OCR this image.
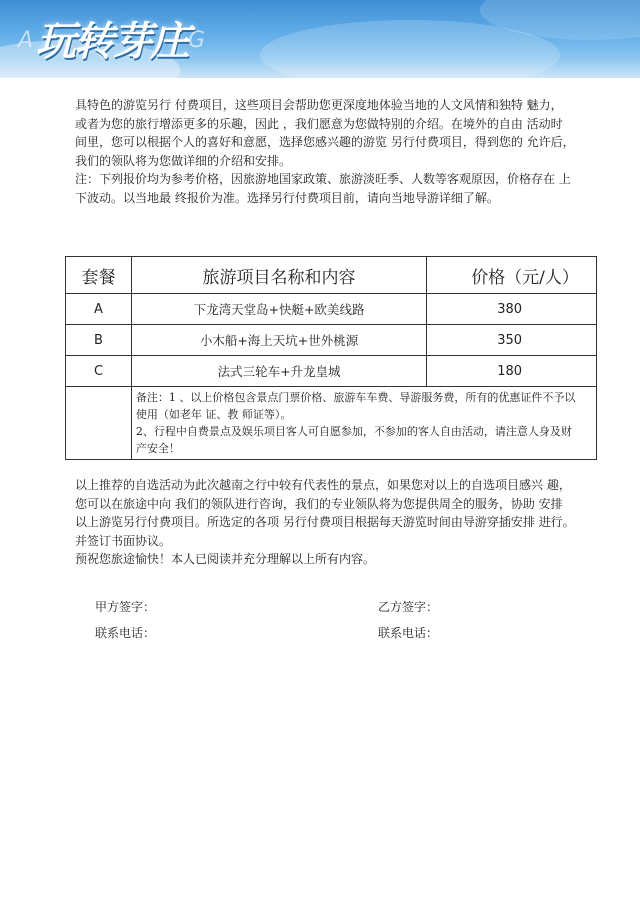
A 玩转芽庄 G

具特色的游览另行 付费项目，这些项目会帮助您更深度地体验当地的人文风情和独特 魅力，

或者为您的旅行增添更多的乐趣，因此 ，我们愿意为您做特别的介绍。在境外的自由 活动时

间里，您可以根据个人的喜好和意愿，选择您感兴趣的游览 另行付费项目，得到您的 允许后，

我们的领队将为您做详细的介绍和安排。

注：下列报价均为参考价格，因旅游地国家政策、旅游淡旺季、人数等客观原因，价格存在 上

下波动。以当地最 终报价为准。选择另行付费项目前，请向当地导游详细了解。

套餐	旅游项目名称和内容	价格（元/人）
A	下龙湾天堂岛+快艇+欧美线路	380
B	小木船+海上天坑+世外桃源	350
C	法式三轮车+升龙皇城	180

	备注：1 、以上价格包含景点门票价格、旅游车车费、导游服务费，所有的优惠证件不予以

使用（如老年 证、教 师证等）。

2、行程中自费景点及娱乐项目客人可自愿参加，不参加的客人自由活动，请注意人身及财

产安全！	

以上推荐的自选活动为此次越南之行中较有代表性的景点，如果您对以上的自选项目感兴 趣，

您可以在旅途中向 我们的领队进行咨询，我们的专业领队将为您提供周全的服务，协助 安排

以上游览另行付费项目。所选定的各项 另行付费项目根据每天游览时间由导游穿插安排 进行。

并签订书面协议。

预祝您旅途愉快！本人已阅读并充分理解以上所有内容。

甲方签字：	乙方签字：
联系电话：	联系电话：
